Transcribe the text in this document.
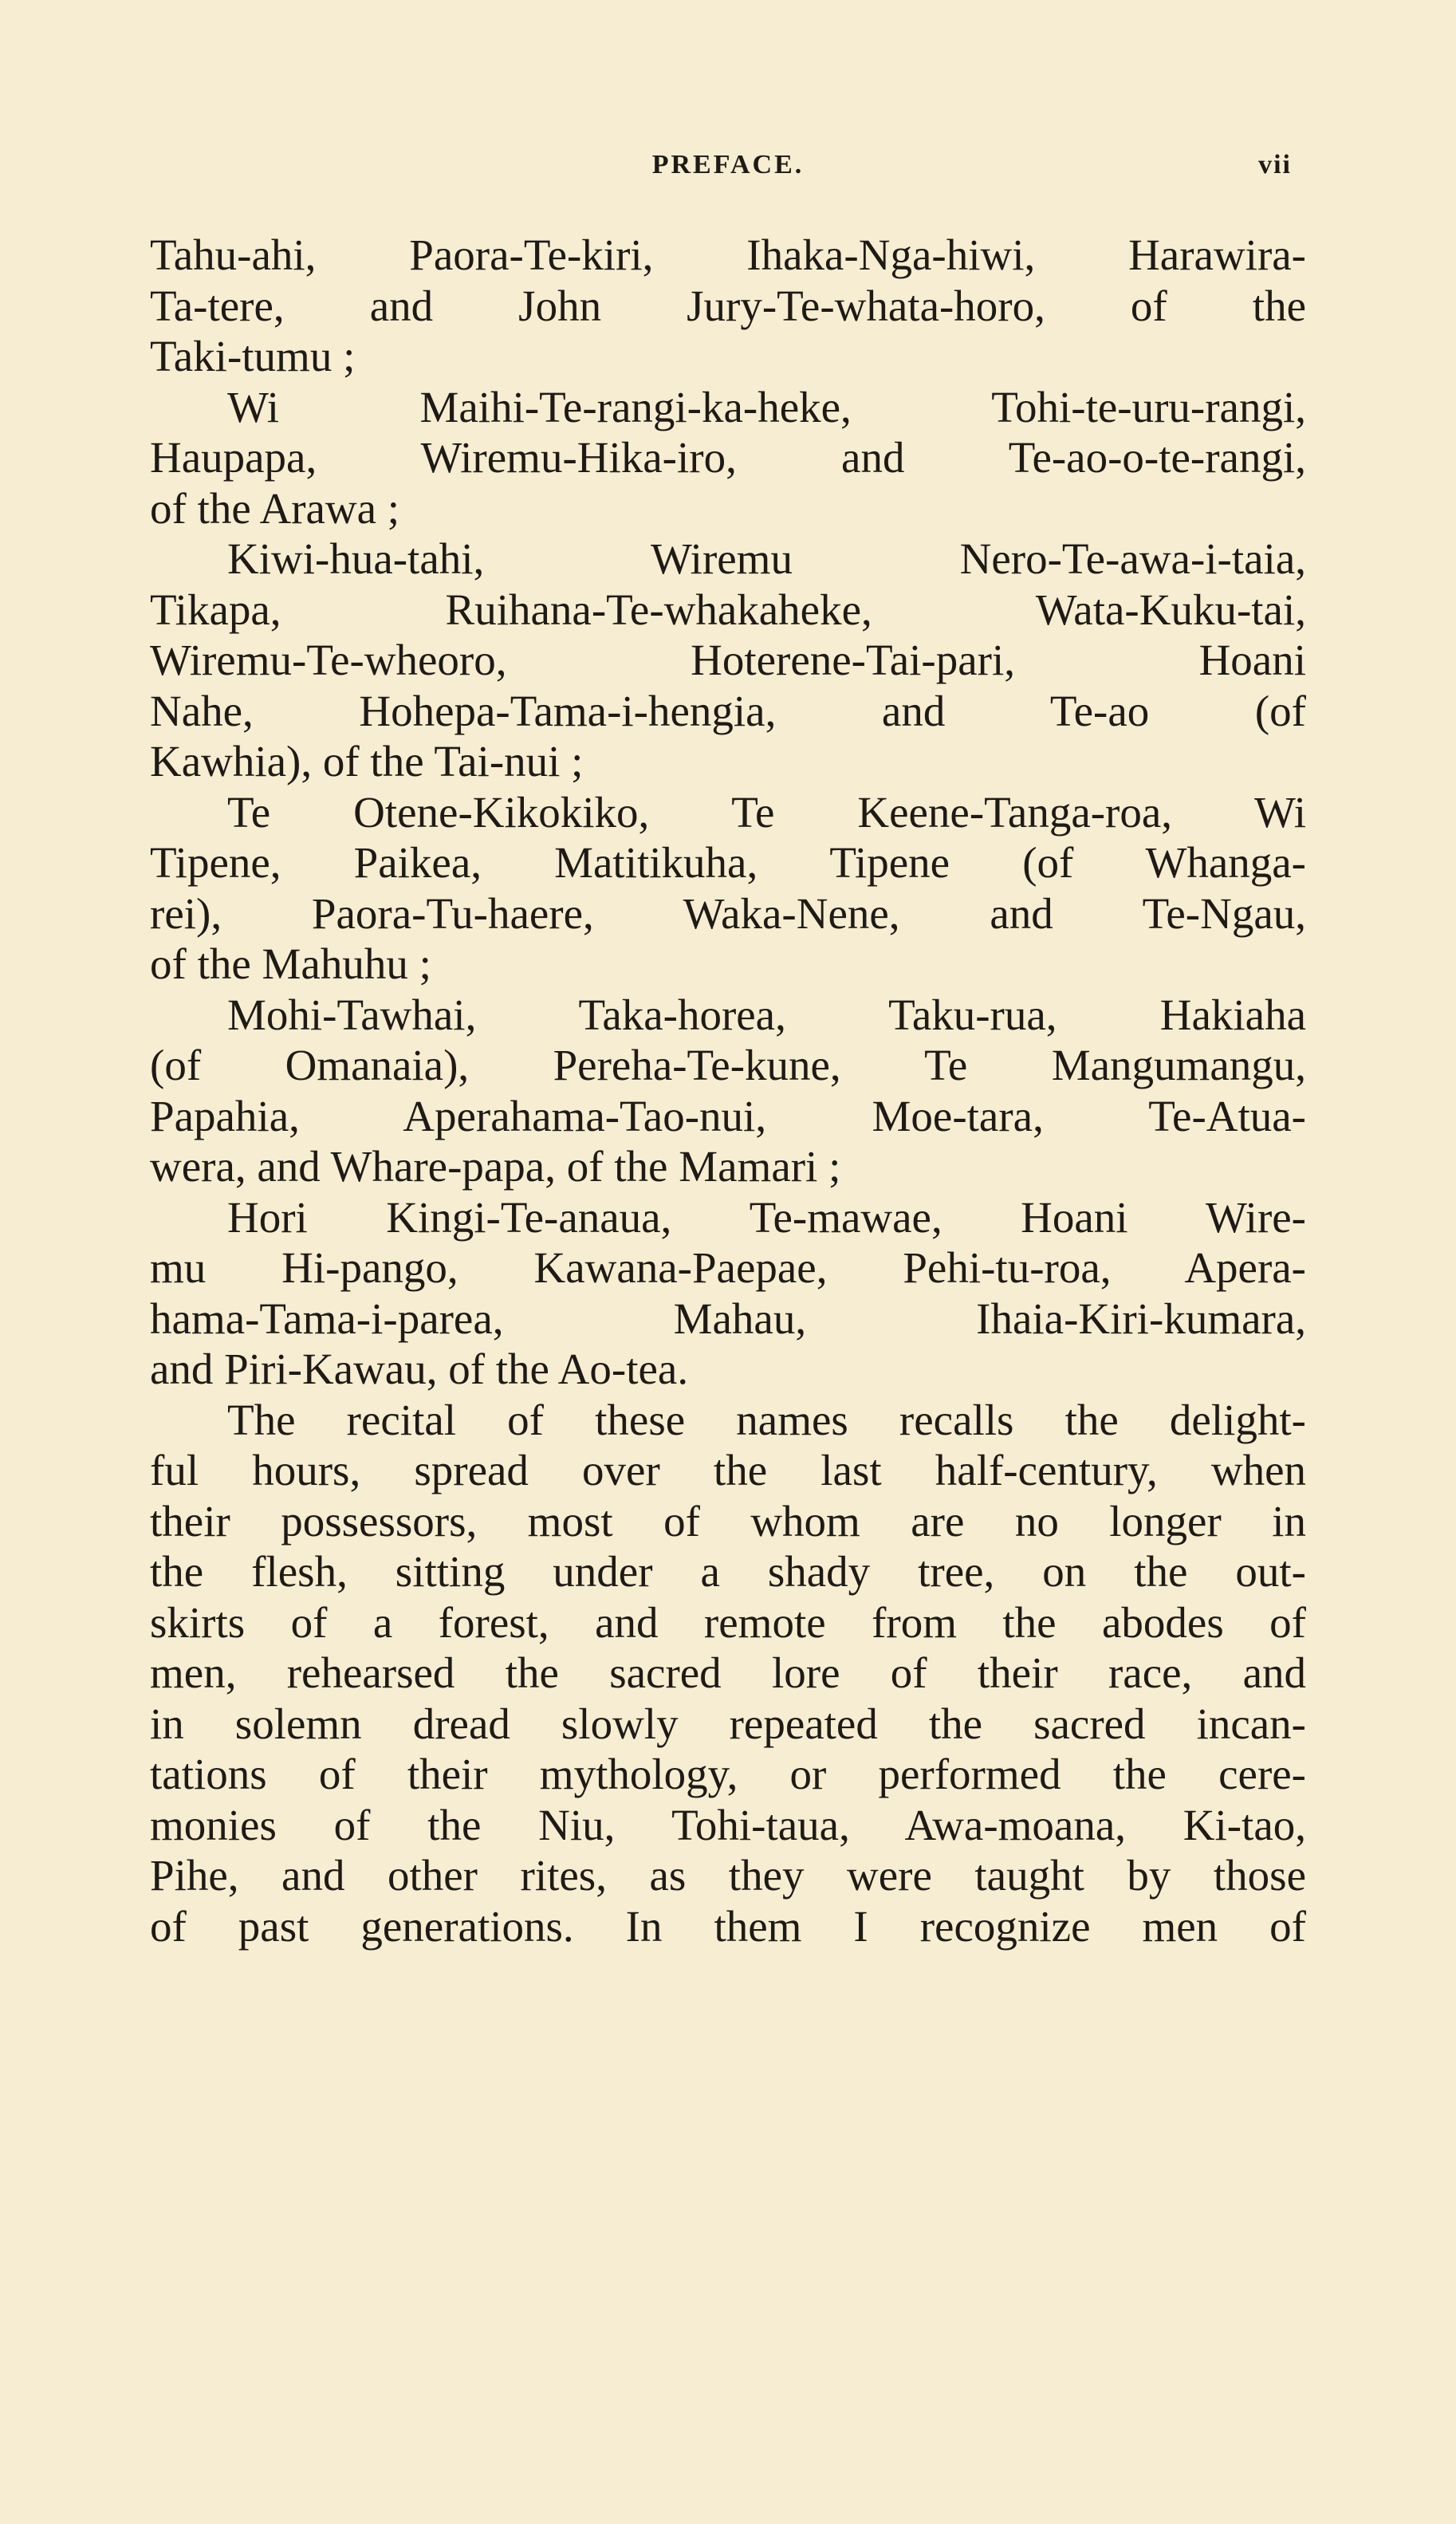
PREFACE.	vii
Tahu-ahi, Paora-Te-kiri, Ihaka-Nga-hiwi, Harawira-
Ta-tere, and John Jury-Te-whata-horo, of the
Taki-tumu ;
Wi Maihi-Te-rangi-ka-heke, Tohi-te-uru-rangi,
Haupapa, Wiremu-Hika-iro, and Te-ao-o-te-rangi,
of the Arawa ;
Kiwi-hua-tahi, Wiremu Nero-Te-awa-i-taia,
Tikapa, Ruihana-Te-whakaheke, Wata-Kuku-tai,
Wiremu-Te-wheoro, Hoterene-Tai-pari, Hoani
Nahe, Hohepa-Tama-i-hengia, and Te-ao (of
Kawhia), of the Tai-nui ;
Te Otene-Kikokiko, Te Keene-Tanga-roa, Wi
Tipene, Paikea, Matitikuha, Tipene (of Whanga-
rei), Paora-Tu-haere, Waka-Nene, and Te-Ngau,
of the Mahuhu ;
Mohi-Tawhai, Taka-horea, Taku-rua, Hakiaha
(of Omanaia), Pereha-Te-kune, Te Mangumangu,
Papahia, Aperahama-Tao-nui, Moe-tara, Te-Atua-
wera, and Whare-papa, of the Mamari ;
Hori Kingi-Te-anaua, Te-mawae, Hoani Wire-
mu Hi-pango, Kawana-Paepae, Pehi-tu-roa, Apera-
hama-Tama-i-parea, Mahau, Ihaia-Kiri-kumara,
and Piri-Kawau, of the Ao-tea.
The recital of these names recalls the delight-
ful hours, spread over the last half-century, when
their possessors, most of whom are no longer in
the flesh, sitting under a shady tree, on the out-
skirts of a forest, and remote from the abodes of
men, rehearsed the sacred lore of their race, and
in solemn dread slowly repeated the sacred incan-
tations of their mythology, or performed the cere-
monies of the Niu, Tohi-taua, Awa-moana, Ki-tao,
Pihe, and other rites, as they were taught by those
of past generations. In them I recognize men of
